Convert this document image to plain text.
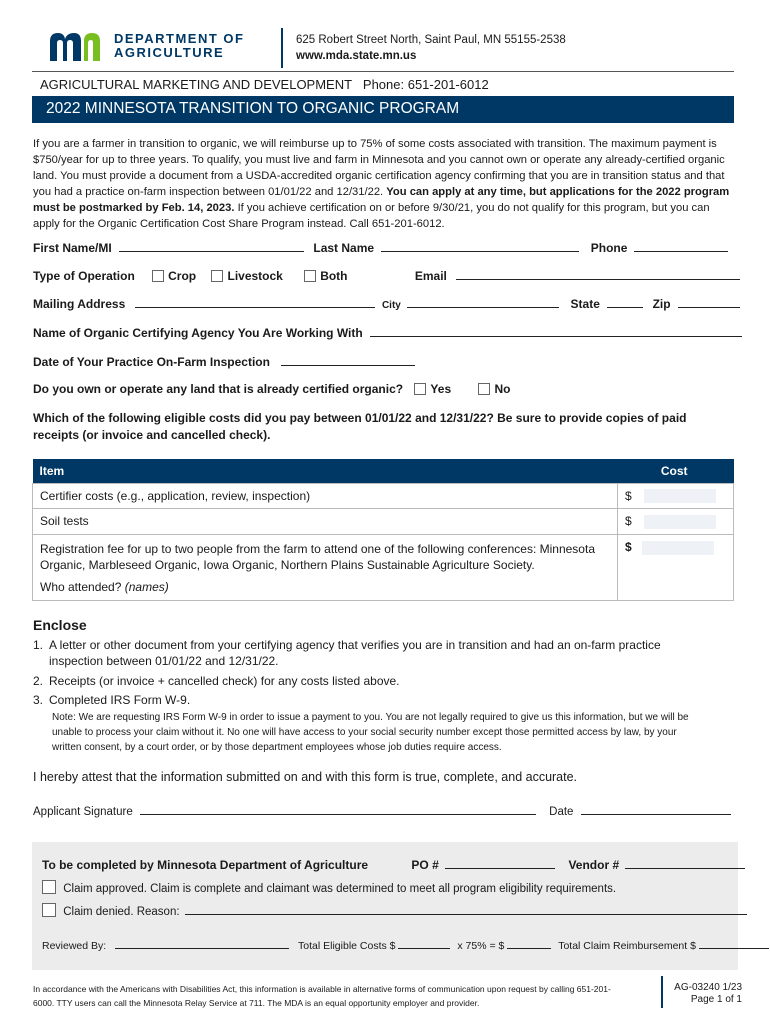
DEPARTMENT OF
AGRICULTURE
625 Robert Street North, Saint Paul, MN 55155-2538
www.mda.state.mn.us
AGRICULTURAL MARKETING AND DEVELOPMENT Phone: 651-201-6012
2022 MINNESOTA TRANSITION TO ORGANIC PROGRAM
If you are a farmer in transition to organic, we will reimburse up to 75% of some costs associated with transition. The maximum payment is $750/year for up to three years. To qualify, you must live and farm in Minnesota and you cannot own or operate any already-certified organic land. You must provide a document from a USDA-accredited organic certification agency confirming that you are in transition status and that you had a practice on-farm inspection between 01/01/22 and 12/31/22. You can apply at any time, but applications for the 2022 program must be postmarked by Feb. 14, 2023. If you achieve certification on or before 9/30/21, you do not qualify for this program, but you can apply for the Organic Certification Cost Share Program instead. Call 651-201-6012.
First Name/MI	Last Name	Phone
Type of Operation	Crop	Livestock	Both	Email
Mailing Address	City	State	Zip
Name of Organic Certifying Agency You Are Working With
Date of Your Practice On-Farm Inspection
Do you own or operate any land that is already certified organic? Yes	No
Which of the following eligible costs did you pay between 01/01/22 and 12/31/22? Be sure to provide copies of paid receipts (or invoice and cancelled check).
Item	Cost
Certifier costs (e.g., application, review, inspection)	$
Soil tests	$

Registration fee for up to two people from the farm to attend one of the following conferences: Minnesota Organic, Marbleseed Organic, Iowa Organic, Northern Plains Sustainable Agriculture Society.
Who attended? (names)	$
Enclose
1. A letter or other document from your certifying agency that verifies you are in transition and had an on-farm practice
inspection between 01/01/22 and 12/31/22.
2. Receipts (or invoice + cancelled check) for any costs listed above.
3. Completed IRS Form W-9.
Note: We are requesting IRS Form W-9 in order to issue a payment to you. You are not legally required to give us this information, but we will be unable to process your claim without it. No one will have access to your social security number except those permitted access by law, by your written consent, by a court order, or by those department employees whose job duties require access.
I hereby attest that the information submitted on and with this form is true, complete, and accurate.
Applicant Signature	Date
To be completed by Minnesota Department of Agriculture	PO #	Vendor #
Claim approved. Claim is complete and claimant was determined to meet all program eligibility requirements.
Claim denied. Reason:
Reviewed By:	Total Eligible Costs $	x 75% = $	Total Claim Reimbursement $
In accordance with the Americans with Disabilities Act, this information is available in alternative forms of communication upon request by calling 651-201-6000. TTY users can call the Minnesota Relay Service at 711. The MDA is an equal opportunity employer and provider.
AG-03240 1/23
Page 1 of 1
